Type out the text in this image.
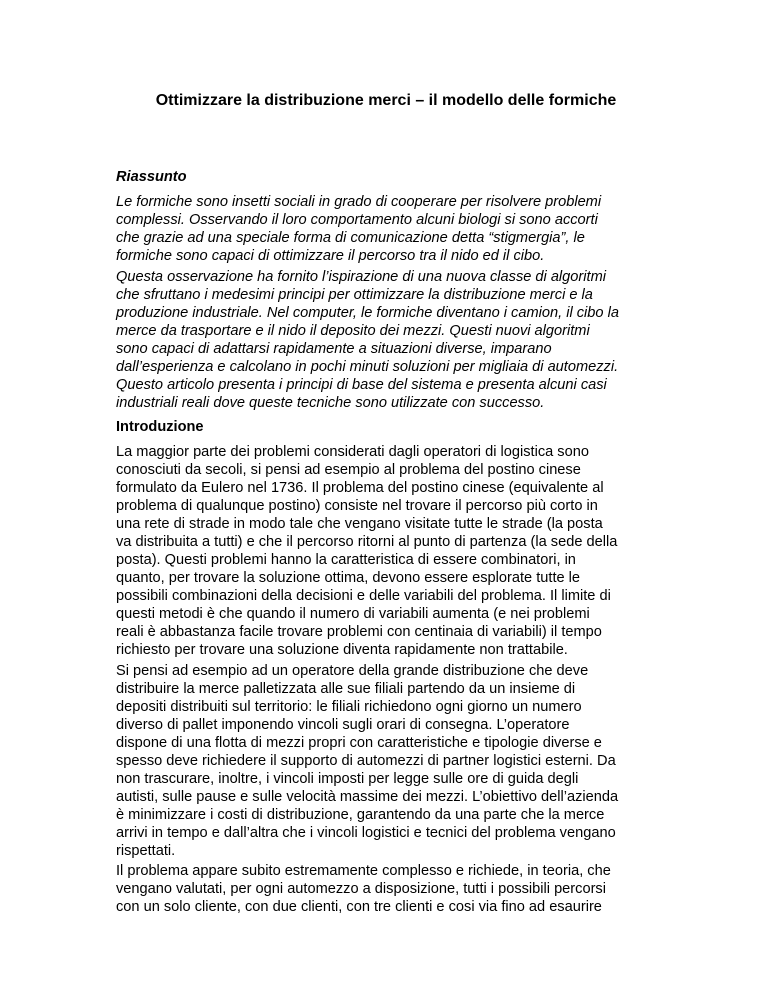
Ottimizzare la distribuzione merci – il modello delle formiche
Riassunto
Le formiche sono insetti sociali in grado di cooperare per risolvere problemi
complessi. Osservando il loro comportamento alcuni biologi si sono accorti
che grazie ad una speciale forma di comunicazione detta “stigmergia”, le
formiche sono capaci di ottimizzare il percorso tra il nido ed il cibo.
Questa osservazione ha fornito l’ispirazione di una nuova classe di algoritmi
che sfruttano i medesimi principi per ottimizzare la distribuzione merci e la
produzione industriale. Nel computer, le formiche diventano i camion, il cibo la
merce da trasportare e il nido il deposito dei mezzi. Questi nuovi algoritmi
sono capaci di adattarsi rapidamente a situazioni diverse, imparano
dall’esperienza e calcolano in pochi minuti soluzioni per migliaia di automezzi.
Questo articolo presenta i principi di base del sistema e presenta alcuni casi
industriali reali dove queste tecniche sono utilizzate con successo.
Introduzione
La maggior parte dei problemi considerati dagli operatori di logistica sono
conosciuti da secoli, si pensi ad esempio al problema del postino cinese
formulato da Eulero nel 1736. Il problema del postino cinese (equivalente al
problema di qualunque postino) consiste nel trovare il percorso più corto in
una rete di strade in modo tale che vengano visitate tutte le strade (la posta
va distribuita a tutti) e che il percorso ritorni al punto di partenza (la sede della
posta). Questi problemi hanno la caratteristica di essere combinatori, in
quanto, per trovare la soluzione ottima, devono essere esplorate tutte le
possibili combinazioni della decisioni e delle variabili del problema. Il limite di
questi metodi è che quando il numero di variabili aumenta (e nei problemi
reali è abbastanza facile trovare problemi con centinaia di variabili) il tempo
richiesto per trovare una soluzione diventa rapidamente non trattabile.
Si pensi ad esempio ad un operatore della grande distribuzione che deve
distribuire la merce palletizzata alle sue filiali partendo da un insieme di
depositi distribuiti sul territorio: le filiali richiedono ogni giorno un numero
diverso di pallet imponendo vincoli sugli orari di consegna. L’operatore
dispone di una flotta di mezzi propri con caratteristiche e tipologie diverse e
spesso deve richiedere il supporto di automezzi di partner logistici esterni. Da
non trascurare, inoltre, i vincoli imposti per legge sulle ore di guida degli
autisti, sulle pause e sulle velocità massime dei mezzi. L’obiettivo dell’azienda
è minimizzare i costi di distribuzione, garantendo da una parte che la merce
arrivi in tempo e dall’altra che i vincoli logistici e tecnici del problema vengano
rispettati.
Il problema appare subito estremamente complesso e richiede, in teoria, che
vengano valutati, per ogni automezzo a disposizione, tutti i possibili percorsi
con un solo cliente, con due clienti, con tre clienti e cosi via fino ad esaurire
